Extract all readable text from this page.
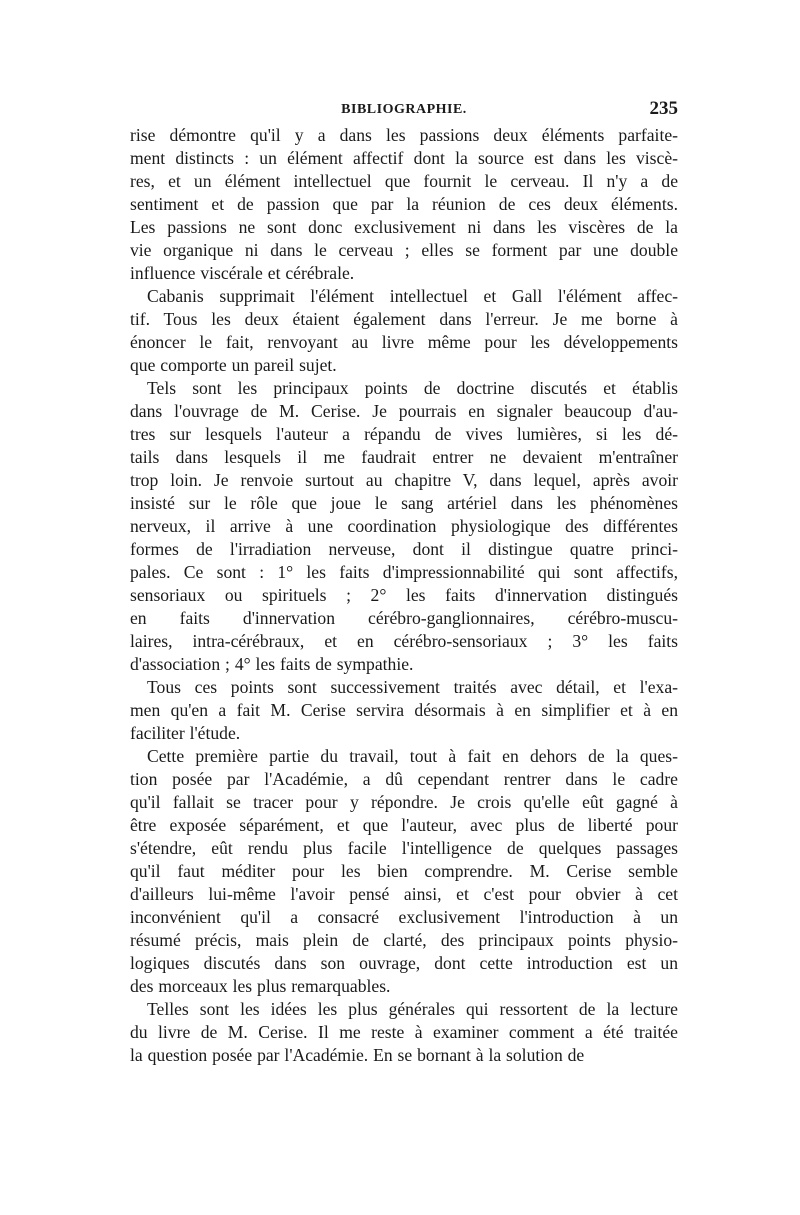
BIBLIOGRAPHIE.	235
rise démontre qu'il y a dans les passions deux éléments parfaite-
ment distincts : un élément affectif dont la source est dans les viscè-
res, et un élément intellectuel que fournit le cerveau. Il n'y a de
sentiment et de passion que par la réunion de ces deux éléments.
Les passions ne sont donc exclusivement ni dans les viscères de la
vie organique ni dans le cerveau ; elles se forment par une double
influence viscérale et cérébrale.
Cabanis supprimait l'élément intellectuel et Gall l'élément affec-
tif. Tous les deux étaient également dans l'erreur. Je me borne à
énoncer le fait, renvoyant au livre même pour les développements
que comporte un pareil sujet.
Tels sont les principaux points de doctrine discutés et établis
dans l'ouvrage de M. Cerise. Je pourrais en signaler beaucoup d'au-
tres sur lesquels l'auteur a répandu de vives lumières, si les dé-
tails dans lesquels il me faudrait entrer ne devaient m'entraîner
trop loin. Je renvoie surtout au chapitre V, dans lequel, après avoir
insisté sur le rôle que joue le sang artériel dans les phénomènes
nerveux, il arrive à une coordination physiologique des différentes
formes de l'irradiation nerveuse, dont il distingue quatre princi-
pales. Ce sont : 1° les faits d'impressionnabilité qui sont affectifs,
sensoriaux ou spirituels ; 2° les faits d'innervation distingués
en faits d'innervation cérébro-ganglionnaires, cérébro-muscu-
laires, intra-cérébraux, et en cérébro-sensoriaux ; 3° les faits
d'association ; 4° les faits de sympathie.
Tous ces points sont successivement traités avec détail, et l'exa-
men qu'en a fait M. Cerise servira désormais à en simplifier et à en
faciliter l'étude.
Cette première partie du travail, tout à fait en dehors de la ques-
tion posée par l'Académie, a dû cependant rentrer dans le cadre
qu'il fallait se tracer pour y répondre. Je crois qu'elle eût gagné à
être exposée séparément, et que l'auteur, avec plus de liberté pour
s'étendre, eût rendu plus facile l'intelligence de quelques passages
qu'il faut méditer pour les bien comprendre. M. Cerise semble
d'ailleurs lui-même l'avoir pensé ainsi, et c'est pour obvier à cet
inconvénient qu'il a consacré exclusivement l'introduction à un
résumé précis, mais plein de clarté, des principaux points physio-
logiques discutés dans son ouvrage, dont cette introduction est un
des morceaux les plus remarquables.
Telles sont les idées les plus générales qui ressortent de la lecture
du livre de M. Cerise. Il me reste à examiner comment a été traitée
la question posée par l'Académie. En se bornant à la solution de
